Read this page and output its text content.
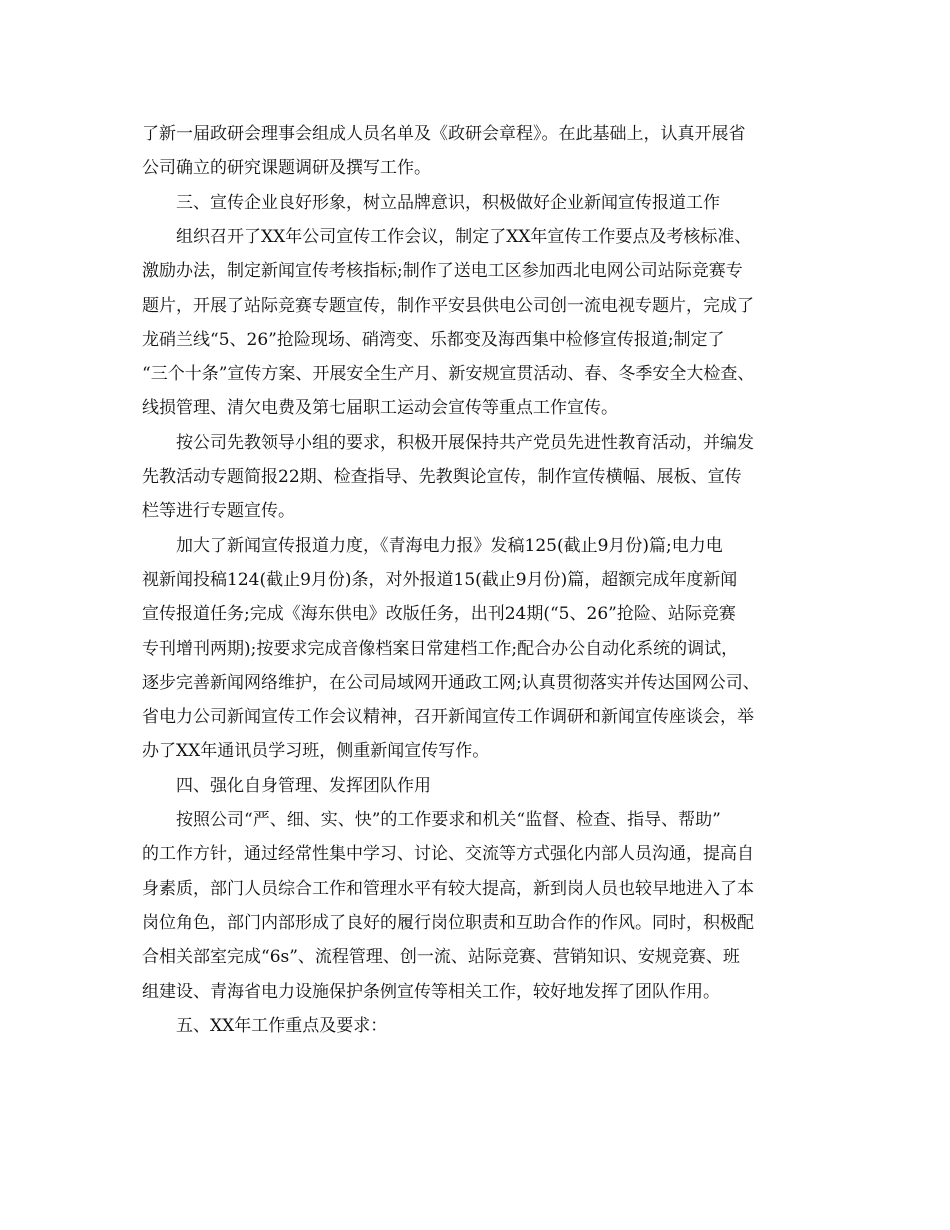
了新一届政研会理事会组成人员名单及《政研会章程》。在此基础上，认真开展省
公司确立的研究课题调研及撰写工作。
三、宣传企业良好形象，树立品牌意识，积极做好企业新闻宣传报道工作
组织召开了XX年公司宣传工作会议，制定了XX年宣传工作要点及考核标准、
激励办法，制定新闻宣传考核指标;制作了送电工区参加西北电网公司站际竞赛专
题片，开展了站际竞赛专题宣传，制作平安县供电公司创一流电视专题片，完成了
龙硝兰线“5、26”抢险现场、硝湾变、乐都变及海西集中检修宣传报道;制定了
“三个十条”宣传方案、开展安全生产月、新安规宣贯活动、春、冬季安全大检查、
线损管理、清欠电费及第七届职工运动会宣传等重点工作宣传。
按公司先教领导小组的要求，积极开展保持共产党员先进性教育活动，并编发
先教活动专题简报22期、检查指导、先教舆论宣传，制作宣传横幅、展板、宣传
栏等进行专题宣传。
加大了新闻宣传报道力度，《青海电力报》发稿125(截止9月份)篇;电力电
视新闻投稿124(截止9月份)条，对外报道15(截止9月份)篇，超额完成年度新闻
宣传报道任务;完成《海东供电》改版任务，出刊24期(“5、26”抢险、站际竞赛
专刊增刊两期);按要求完成音像档案日常建档工作;配合办公自动化系统的调试，
逐步完善新闻网络维护，在公司局域网开通政工网;认真贯彻落实并传达国网公司、
省电力公司新闻宣传工作会议精神，召开新闻宣传工作调研和新闻宣传座谈会，举
办了XX年通讯员学习班，侧重新闻宣传写作。
四、强化自身管理、发挥团队作用
按照公司“严、细、实、快”的工作要求和机关“监督、检查、指导、帮助”
的工作方针，通过经常性集中学习、讨论、交流等方式强化内部人员沟通，提高自
身素质，部门人员综合工作和管理水平有较大提高，新到岗人员也较早地进入了本
岗位角色，部门内部形成了良好的履行岗位职责和互助合作的作风。同时，积极配
合相关部室完成“6s”、流程管理、创一流、站际竞赛、营销知识、安规竞赛、班
组建设、青海省电力设施保护条例宣传等相关工作，较好地发挥了团队作用。
五、XX年工作重点及要求：
